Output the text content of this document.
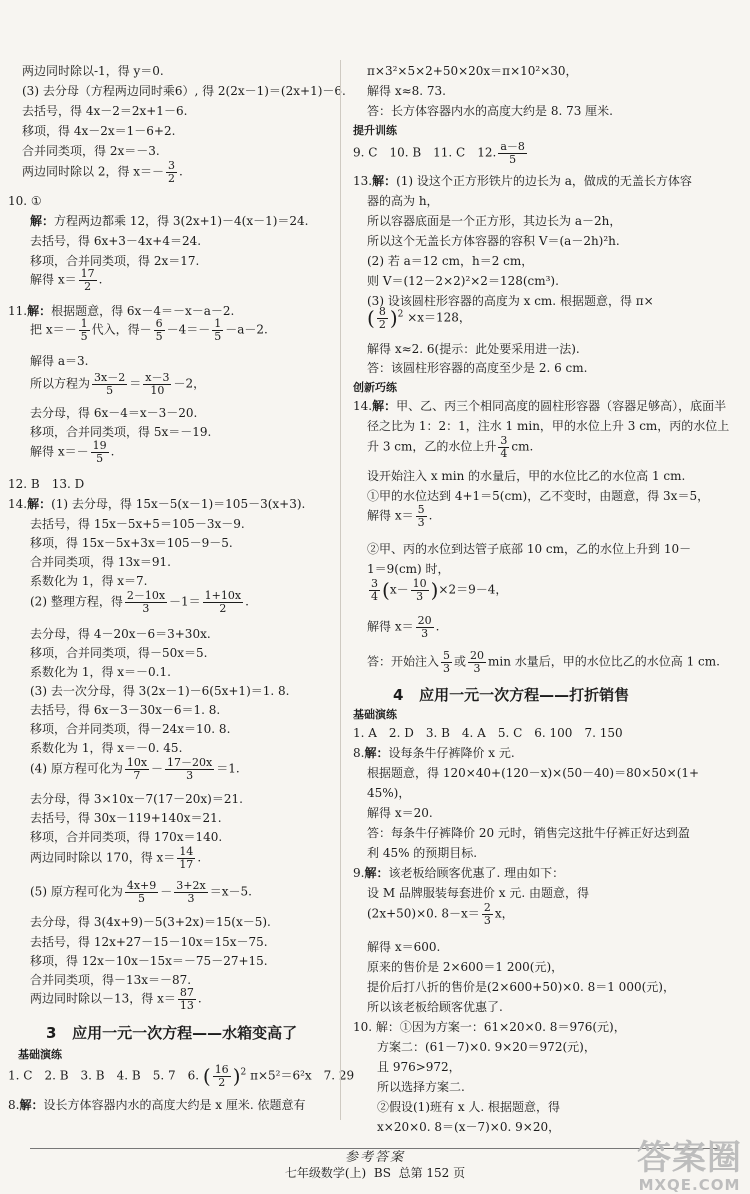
两边同时除以-1，得 y＝0.
(3) 去分母（方程两边同时乘6）, 得 2(2x－1)＝(2x+1)－6.
去括号，得 4x－2＝2x+1－6.
移项，得 4x－2x＝1－6+2.
合并同类项，得 2x＝－3.
两边同时除以 2，得 $x=- \frac{3}{2}$ .
10. ①
解：方程两边都乘 12，得 3(2x+1)－4(x－1)＝24.
去括号，得 6x+3－4x+4＝24.
移项，合并同类项，得 2x＝17.
解得 $x= \frac{17}{2}$ .
11.解：根据题意，得 6x－4＝－x－a－2.
把 $x=- \frac{1}{5}$ 代入，得－ $\frac{6}{5} -4=- \frac{1}{5} -a-2$.
解得 a＝3.
所以方程为 $\frac{3x-2}{5} = \frac{x-3}{10} -2$，
去分母，得 6x－4＝x－3－20.
移项，合并同类项，得 5x＝－19.
解得 $x=- \frac{19}{5}$ .
12. B　13. D
14.解：(1) 去分母，得 15x－5(x－1)＝105－3(x+3).
去括号，得 15x－5x+5＝105－3x－9.
移项，得 15x－5x+3x＝105－9－5.
合并同类项，得 13x＝91.
系数化为 1，得 x＝7.
(2) 整理方程，得 $\frac{2-10x}{3} -1= \frac{1+10x}{2}$ .
去分母，得 4－20x－6＝3+30x.
移项，合并同类项，得－50x＝5.
系数化为 1，得 x＝－0.1.
(3) 去一次分母，得 3(2x－1)－6(5x+1)＝1. 8.
去括号，得 6x－3－30x－6＝1. 8.
移项，合并同类项，得－24x＝10. 8.
系数化为 1，得 x＝－0. 45.
(4) 原方程可化为 $\frac{10x}{7} - \frac{17-20x}{3} =1$.
去分母，得 3×10x－7(17－20x)＝21.
去括号，得 30x－119+140x＝21.
移项，合并同类项，得 170x＝140.
两边同时除以 170，得 $x= \frac{14}{17}$ .
(5) 原方程可化为 $\frac{4x+9}{5} - \frac{3+2x}{3} =x-5$.
去分母，得 3(4x+9)－5(3+2x)＝15(x－5).
去括号，得 12x+27－15－10x＝15x－75.
移项，得 12x－10x－15x＝－75－27+15.
合并同类项，得－13x＝－87.
两边同时除以－13，得 $x= \frac{87}{13}$ .
3 应用一元一次方程——水箱变高了
基础演练
1. C　2. B　3. B　4. B　5. 7　6. ( $\frac{16}{2} )^2$ π×5²＝6²x　7. 29
8.解：设长方体容器内水的高度大约是 x 厘米. 依题意有
π×3²×5×2+50×20x＝π×10²×30，
解得 x≈8. 73.
答：长方体容器内水的高度大约是 8. 73 厘米.
提升训练
9. C　10. B　11. C　12. $\frac{a-8}{5}$
13.解：(1) 设这个正方形铁片的边长为 a，做成的无盖长方体容
器的高为 h，
所以容器底面是一个正方形，其边长为 a－2h，
所以这个无盖长方体容器的容积 V＝(a－2h)²h.
(2) 若 a＝12 cm，h＝2 cm，
则 V＝(12－2×2)²×2＝128(cm³).
(3) 设该圆柱形容器的高度为 x cm. 根据题意，得 π×
( $\frac{8}{2} )^2 \times x=128$，
解得 x≈2. 6(提示：此处要采用进一法).
答：该圆柱形容器的高度至少是 2. 6 cm.
创新巧练
14.解：甲、乙、丙三个相同高度的圆柱形容器（容器足够高），底面半
径之比为 1：2：1，注水 1 min，甲的水位上升 3 cm，丙的水位上
升 3 cm，乙的水位上升 $\frac{3}{4}$ cm.
设开始注入 x min 的水量后，甲的水位比乙的水位高 1 cm.
①甲的水位达到 4+1＝5(cm)，乙不变时，由题意，得 3x＝5，
解得 $x= \frac{5}{3}$ .
②甲、丙的水位到达管子底部 10 cm，乙的水位上升到 10－
1＝9(cm) 时，
$\frac{3}{4} (x- \frac{10}{3} )\times 2=9-4$，
解得 $x= \frac{20}{3}$ .
答：开始注入 $\frac{5}{3}$ 或 $\frac{20}{3}$ min 水量后，甲的水位比乙的水位高 1 cm.
4 应用一元一次方程——打折销售
基础演练
1. A　2. D　3. B　4. A　5. C　6. 100　7. 150
8.解：设每条牛仔裤降价 x 元.
根据题意，得 120×40+(120－x)×(50－40)＝80×50×(1+
45%)，
解得 x＝20.
答：每条牛仔裤降价 20 元时，销售完这批牛仔裤正好达到盈
利 45% 的预期目标.
9.解：该老板给顾客优惠了. 理由如下：
设 M 品牌服装每套进价 x 元. 由题意，得
(2x+50)×0. $8-x= \frac{2}{3}$ x，
解得 x＝600.
原来的售价是 2×600＝1 200(元)，
提价后打八折的售价是(2×600+50)×0. 8＝1 000(元)，
所以该老板给顾客优惠了.
10. 解：①因为方案一：61×20×0. 8＝976(元)，
方案二：(61－7)×0. 9×20＝972(元)，
且 976>972，
所以选择方案二.
②假设(1)班有 x 人. 根据题意，得
x×20×0. 8＝(x－7)×0. 9×20，
参考答案
七年级数学(上) BS 总第 152 页	答案圈
MXQE.COM
